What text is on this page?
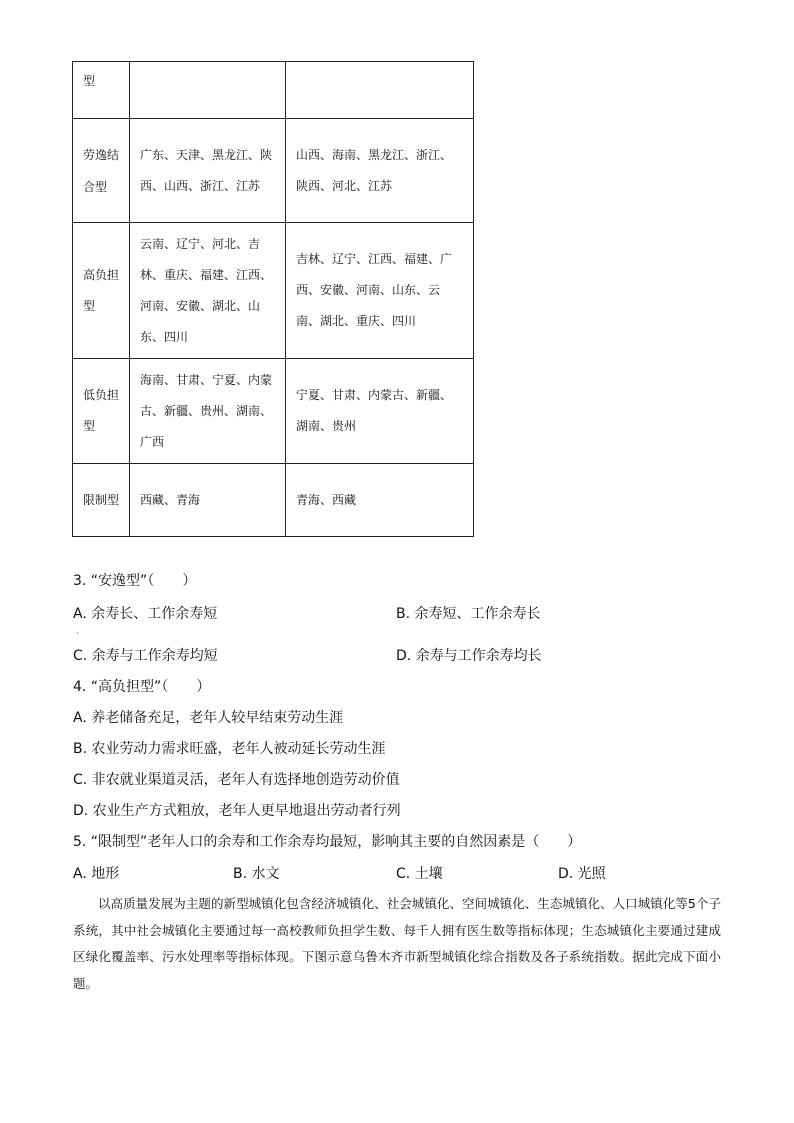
型		
劳逸结合型	广东、天津、黑龙江、陕西、山西、浙江、江苏	山西、海南、黑龙江、浙江、陕西、河北、江苏
高负担型	云南、辽宁、河北、吉林、重庆、福建、江西、河南、安徽、湖北、山东、四川	吉林、辽宁、江西、福建、广西、安徽、河南、山东、云南、湖北、重庆、四川
低负担型	海南、甘肃、宁夏、内蒙古、新疆、贵州、湖南、广西	宁夏、甘肃、内蒙古、新疆、湖南、贵州
限制型	西藏、青海	青海、西藏
3. “安逸型”（　　）
A. 余寿长、工作余寿短	B. 余寿短、工作余寿长
·
C. 余寿与工作余寿均短	D. 余寿与工作余寿均长
4. “高负担型”（　　）
A. 养老储备充足，老年人较早结束劳动生涯
B. 农业劳动力需求旺盛，老年人被动延长劳动生涯
C. 非农就业渠道灵活，老年人有选择地创造劳动价值
D. 农业生产方式粗放，老年人更早地退出劳动者行列
5. “限制型”老年人口的余寿和工作余寿均最短，影响其主要的自然因素是（　　）
A. 地形	B. 水文	C. 土壤	D. 光照
以高质量发展为主题的新型城镇化包含经济城镇化、社会城镇化、空间城镇化、生态城镇化、人口城镇化等5个子系统，其中社会城镇化主要通过每一高校教师负担学生数、每千人拥有医生数等指标体现；生态城镇化主要通过建成区绿化覆盖率、污水处理率等指标体现。下图示意乌鲁木齐市新型城镇化综合指数及各子系统指数。据此完成下面小题。
